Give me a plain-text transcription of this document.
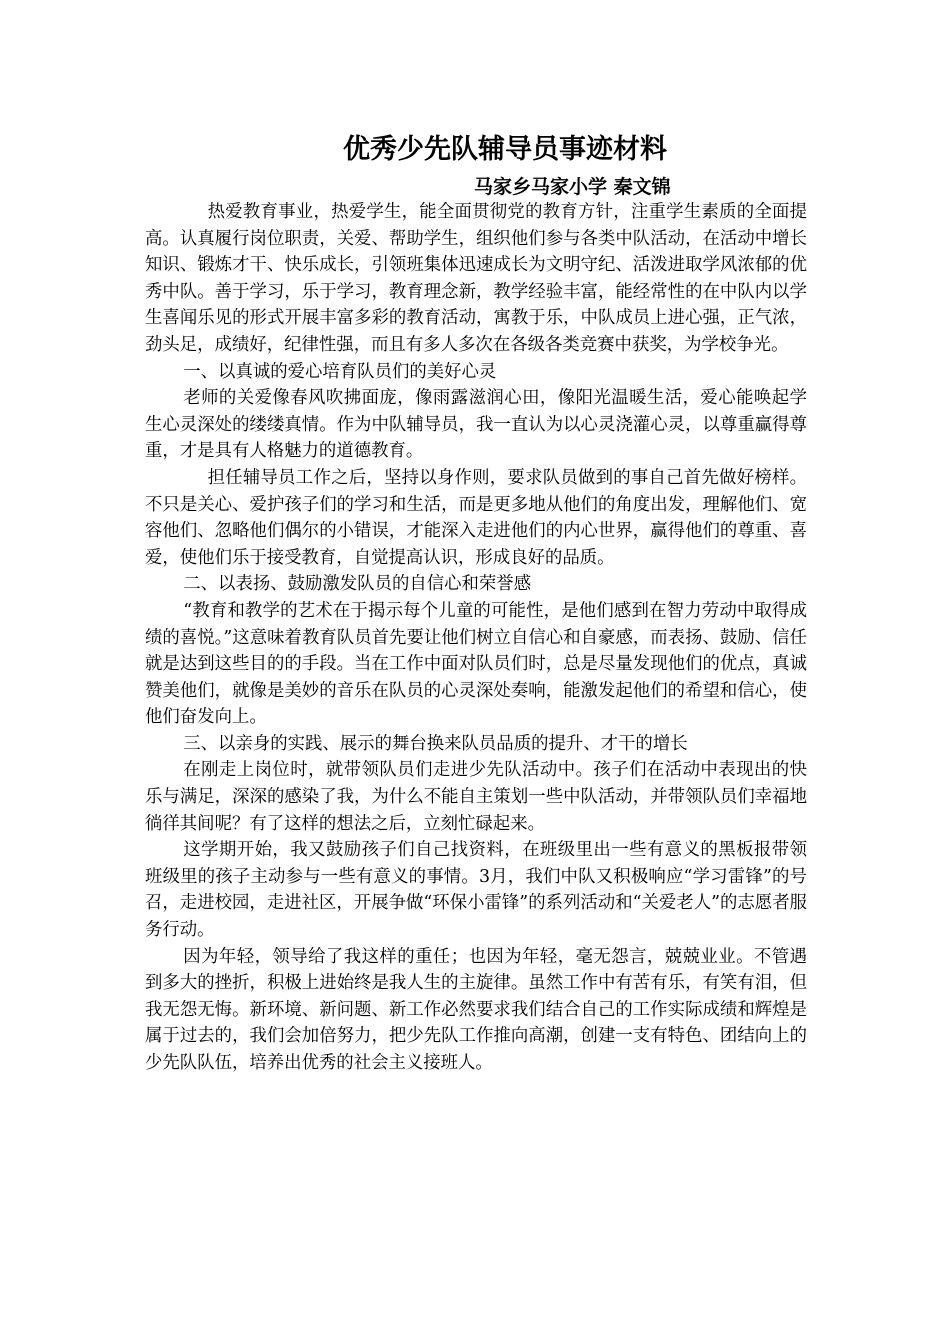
优秀少先队辅导员事迹材料
马家乡马家小学 秦文锦

热爱教育事业，热爱学生，能全面贯彻党的教育方针，注重学生素质的全面提高。认真履行岗位职责，关爱、帮助学生，组织他们参与各类中队活动，在活动中增长知识、锻炼才干、快乐成长，引领班集体迅速成长为文明守纪、活泼进取学风浓郁的优秀中队。善于学习，乐于学习，教育理念新，教学经验丰富，能经常性的在中队内以学生喜闻乐见的形式开展丰富多彩的教育活动，寓教于乐，中队成员上进心强，正气浓，劲头足，成绩好，纪律性强，而且有多人多次在各级各类竞赛中获奖，为学校争光。

一、以真诚的爱心培育队员们的美好心灵

老师的关爱像春风吹拂面庞，像雨露滋润心田，像阳光温暖生活，爱心能唤起学生心灵深处的缕缕真情。作为中队辅导员，我一直认为以心灵浇灌心灵，以尊重赢得尊重，才是具有人格魅力的道德教育。

担任辅导员工作之后，坚持以身作则，要求队员做到的事自己首先做好榜样。不只是关心、爱护孩子们的学习和生活，而是更多地从他们的角度出发，理解他们、宽容他们、忽略他们偶尔的小错误，才能深入走进他们的内心世界，赢得他们的尊重、喜爱，使他们乐于接受教育，自觉提高认识，形成良好的品质。

二、以表扬、鼓励激发队员的自信心和荣誉感

“教育和教学的艺术在于揭示每个儿童的可能性，是他们感到在智力劳动中取得成绩的喜悦。”这意味着教育队员首先要让他们树立自信心和自豪感，而表扬、鼓励、信任就是达到这些目的的手段。当在工作中面对队员们时，总是尽量发现他们的优点，真诚赞美他们，就像是美妙的音乐在队员的心灵深处奏响，能激发起他们的希望和信心，使他们奋发向上。

三、以亲身的实践、展示的舞台换来队员品质的提升、才干的增长

在刚走上岗位时，就带领队员们走进少先队活动中。孩子们在活动中表现出的快乐与满足，深深的感染了我，为什么不能自主策划一些中队活动，并带领队员们幸福地徜徉其间呢？有了这样的想法之后，立刻忙碌起来。

这学期开始，我又鼓励孩子们自己找资料，在班级里出一些有意义的黑板报带领班级里的孩子主动参与一些有意义的事情。3月，我们中队又积极响应“学习雷锋”的号召，走进校园，走进社区，开展争做“环保小雷锋”的系列活动和“关爱老人”的志愿者服务行动。

因为年轻，领导给了我这样的重任；也因为年轻，毫无怨言，兢兢业业。不管遇到多大的挫折，积极上进始终是我人生的主旋律。虽然工作中有苦有乐，有笑有泪，但我无怨无悔。新环境、新问题、新工作必然要求我们结合自己的工作实际成绩和辉煌是属于过去的，我们会加倍努力，把少先队工作推向高潮，创建一支有特色、团结向上的少先队队伍，培养出优秀的社会主义接班人。
